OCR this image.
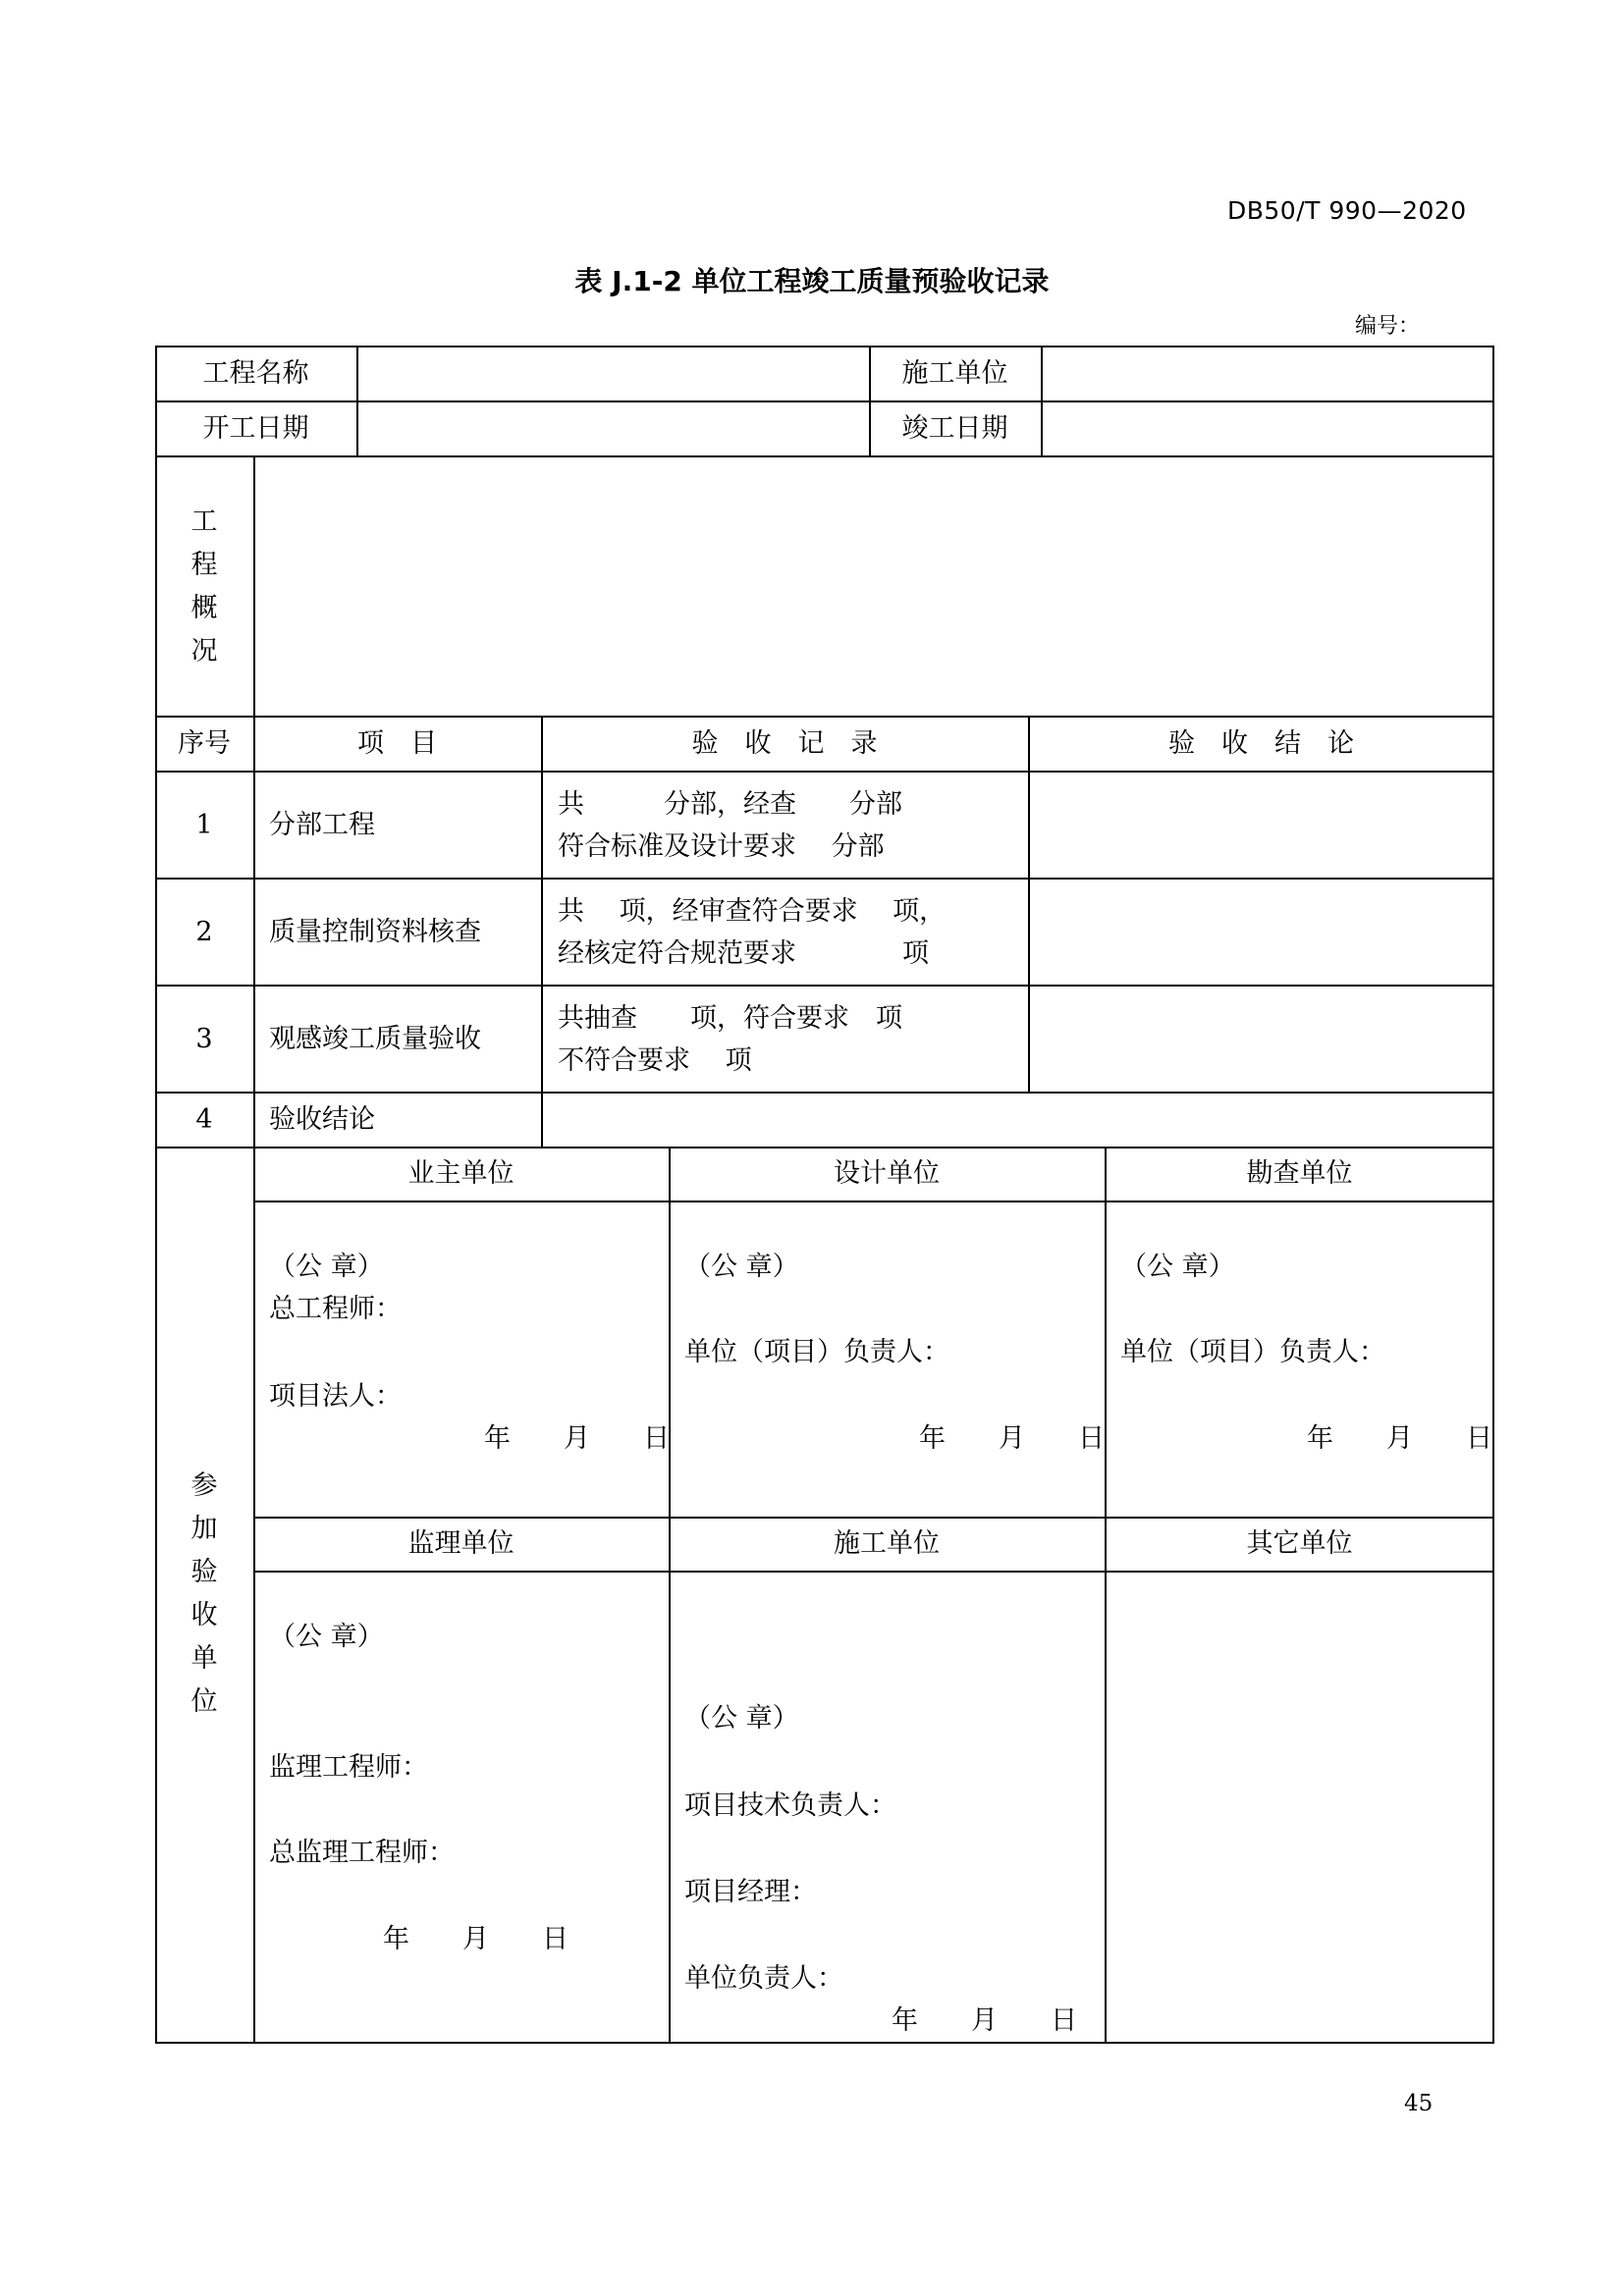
DB50/T 990—2020
表 J.1-2 单位工程竣工质量预验收记录
编号：
工程名称	施工单位
开工日期	竣工日期
工
程
概
况
序号	项　目	验　收　记　录	验　收　结　论
1	分部工程
共　　　分部，经查　　分部
符合标准及设计要求　 分部
2	质量控制资料核查
共　 项，经审查符合要求　 项，
经核定符合规范要求　　　　项
3	观感竣工质量验收
共抽查　　项，符合要求　项
不符合要求　 项
4	验收结论
参
加
验
收
单
位
业主单位
（公 章）
总工程师：
项目法人：
年　　月　　日
设计单位
（公 章）
单位（项目）负责人：
年　　月　　日
勘查单位
（公 章）
单位（项目）负责人：
年　　月　　日
监理单位
（公 章）
监理工程师：
总监理工程师：
年　　月　　日
施工单位
（公 章）
项目技术负责人：
项目经理：
单位负责人：
年　　月　　日
其它单位
45
